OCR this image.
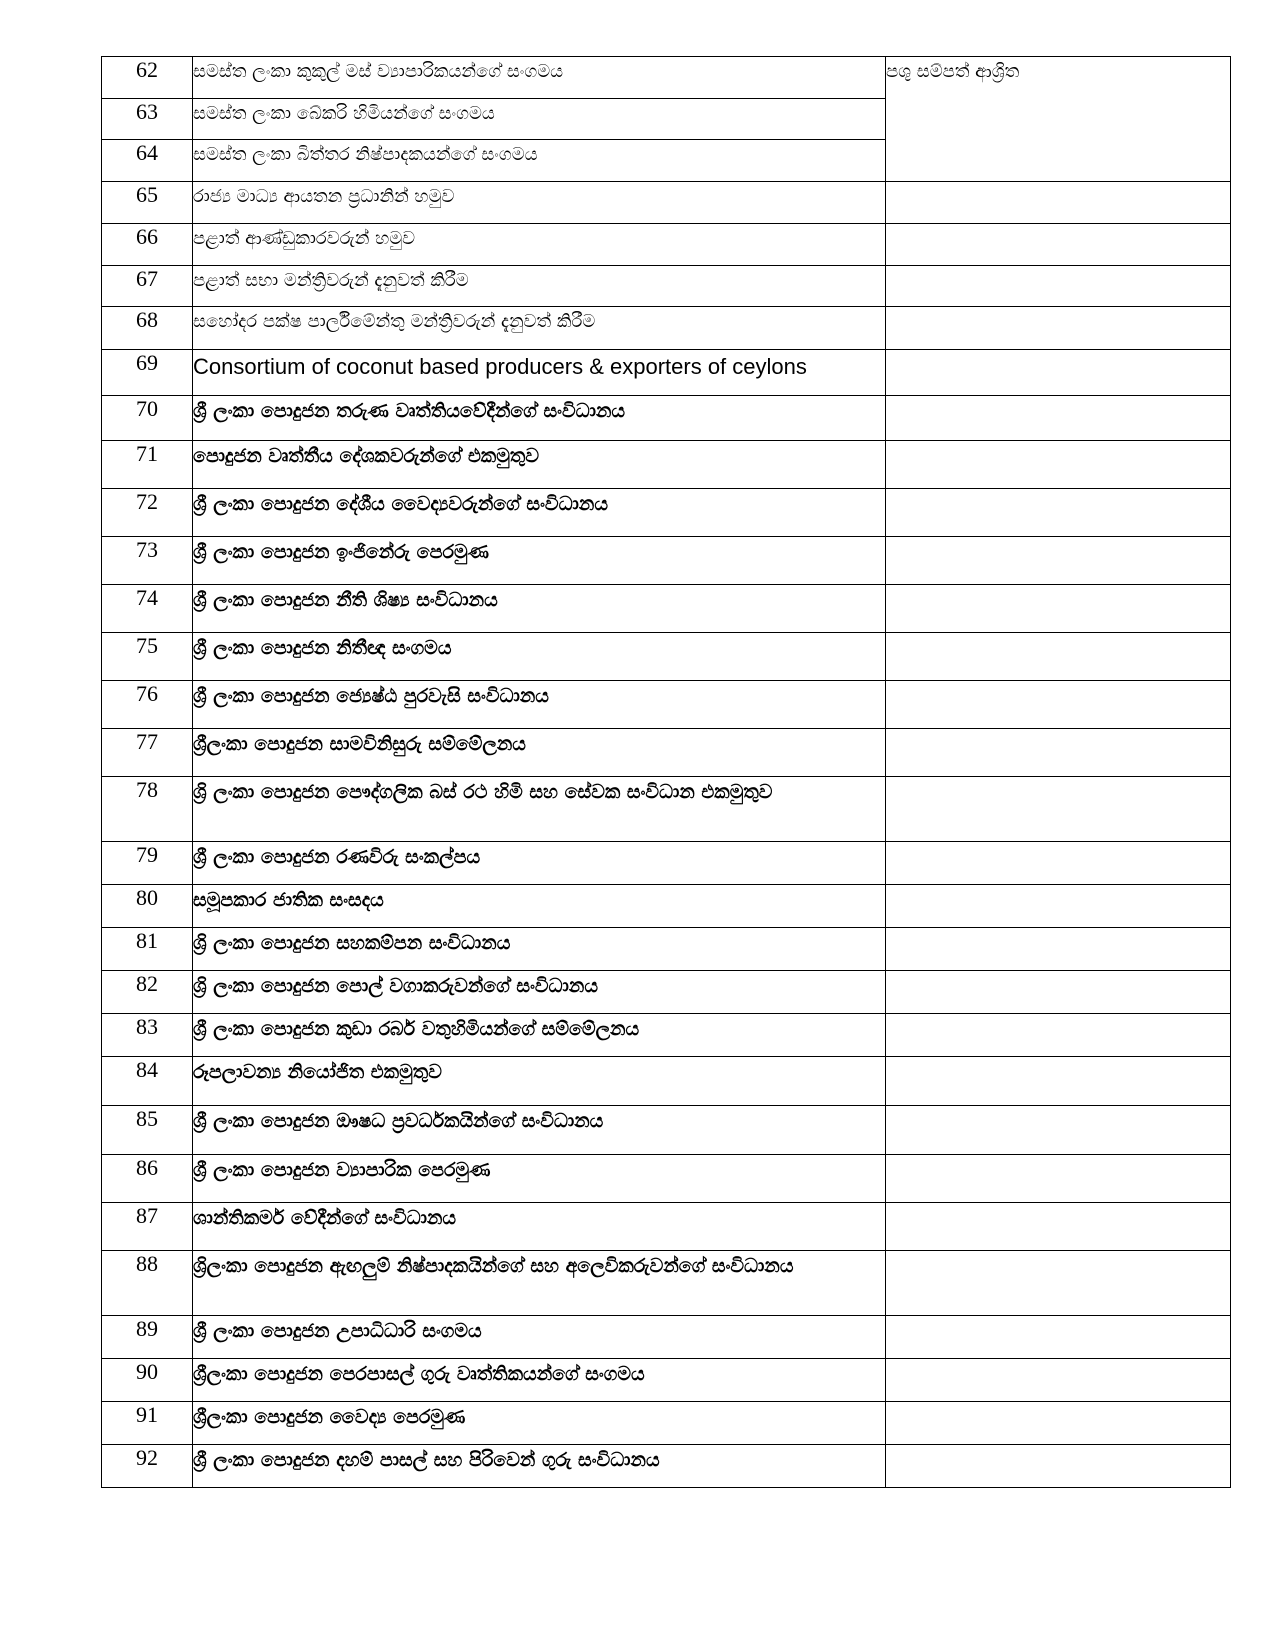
62	සමස්ත ලංකා කුකුල් මස් ව්‍යාපාරිකයන්ගේ සංගමය	පශු සම්පත් ආශ්‍රිත
63	සමස්ත ලංකා බේකරි හිමියන්ගේ සංගමය	
64	සමස්ත ලංකා බිත්තර නිෂ්පාදකයන්ගේ සංගමය	
65	රාජ්‍ය මාධ්‍ය ආයතන ප්‍රධානින් හමුව	
66	පළාත් ආණ්ඩුකාරවරුන් හමුව	
67	පළාත් සභා මන්ත්‍රිවරුන් දැනුවත් කිරීම	
68	සහෝදර පක්ෂ පාර්ලිමේන්තු මන්ත්‍රිවරුන් දැනුවත් කිරීම	
69	Consortium of coconut based producers & exporters of ceylons	
70	ශ්‍රී ලංකා පොදුජන තරුණ වෘත්තියවේදීන්ගේ සංවිධානය	
71	පොදුජන වෘත්තීය දේශකවරුන්ගේ එකමුතුව	
72	ශ්‍රී ලංකා පොදුජන දේශීය වෛද්‍යවරුන්ගේ සංවිධානය	
73	ශ්‍රී ලංකා පොදුජන ඉංජිනේරු පෙරමුණ	
74	ශ්‍රී ලංකා පොදුජන නීති ශිෂ්‍ය සංවිධානය	
75	ශ්‍රී ලංකා පොදුජන නිතීඥ සංගමය	
76	ශ්‍රී ලංකා පොදුජන ජ්‍යෙෂ්ඨ පුරවැසි සංවිධානය	
77	ශ්‍රීලංකා පොදුජන සාමවිනිසුරු සම්මේලනය	
78	ශ්‍රි ලංකා පොදුජන පෞද්ගලික බස් රථ හිමි සහ සේවක සංවිධාන එකමුතුව	
79	ශ්‍රී ලංකා පොදුජන රණවිරු සංකල්පය	
80	සමූපකාර ජාතික සංසදය	
81	ශ්‍රි ලංකා පොදුජන සහකම්පන සංවිධානය	
82	ශ්‍රි ලංකා පොදුජන පොල් වගාකරුවන්ගේ සංවිධානය	
83	ශ්‍රී ලංකා පොදුජන කුඩා රබර් වතුහිමියන්ගේ සම්මේලනය	
84	රූපලාවන්‍ය නියෝජිත එකමුතුව	
85	ශ්‍රී ලංකා පොදුජන ඖෂධ ප්‍රවර්ධකයින්ගේ සංවිධානය	
86	ශ්‍රී ලංකා පොදුජන ව්‍යාපාරික පෙරමුණ	
87	ශාන්තිකර්ම වේදීන්ගේ සංවිධානය	
88	ශ්‍රිලංකා පොදුජන ඇඟලුම් නිෂ්පාදකයින්ගේ සහ අලෙවිකරුවන්ගේ සංවිධානය	
89	ශ්‍රී ලංකා පොදුජන උපාධිධාරි සංගමය	
90	ශ්‍රීලංකා පොදුජන පෙරපාසල් ගුරු වෘත්තිකයන්ගේ සංගමය	
91	ශ්‍රීලංකා පොදුජන වෛද්‍ය පෙරමුණ	
92	ශ්‍රී ලංකා පොදුජන දහම් පාසල් සහ පිරිවෙන් ගුරු සංවිධානය	
